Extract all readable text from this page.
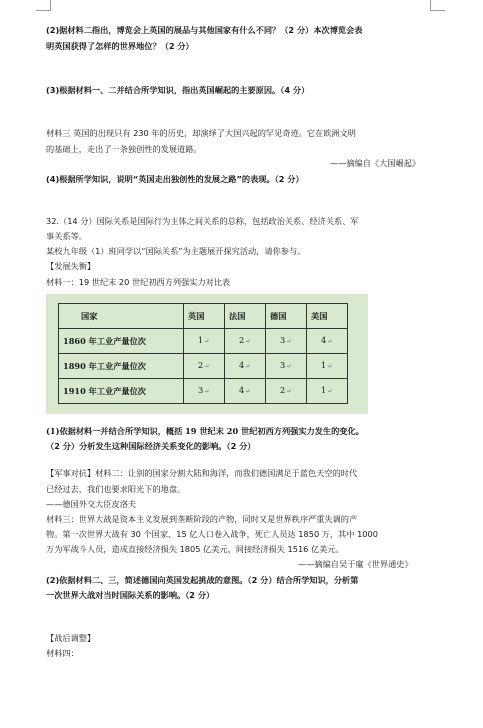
(2)据材料二指出，博览会上英国的展品与其他国家有什么不同？（2 分）本次博览会表
明英国获得了怎样的世界地位？（2 分）
(3)根据材料一、二并结合所学知识，指出英国崛起的主要原因。（4 分）
材料三 英国的出现只有 230 年的历史，却演绎了大国兴起的罕见奇迹。它在欧洲文明
的基础上，走出了一条独创性的发展道路。
——摘编自《大国崛起》
(4)根据所学知识，说明“英国走出独创性的发展之路”的表现。（2 分）
32.（14 分）国际关系是国际行为主体之间关系的总称，包括政治关系、经济关系、军
事关系等。
某校九年级（1）班同学以“国际关系”为主题展开探究活动，请你参与。
【发展失衡】
材料一：19 世纪末 20 世纪初西方列强实力对比表
国家	英国	法国	德国	美国
1860 年工业产量位次	1↵	2↵	3↵	4↵
1890 年工业产量位次	2↵	4↵	3↵	1↵
1910 年工业产量位次	3↵	4↵	2↵	1↵
(1)依据材料一并结合所学知识，概括 19 世纪末 20 世纪初西方列强实力发生的变化。
（2 分）分析发生这种国际经济关系变化的影响。（2 分）
【军事对抗】材料二：让别的国家分割大陆和海洋，而我们德国满足于蓝色天空的时代
已经过去，我们也要求阳光下的地盘。
——德国外交大臣皮洛夫
材料三：世界大战是资本主义发展到垄断阶段的产物，同时又是世界秩序严重失调的产
物。第一次世界大战有 30 个国家、15 亿人口卷入战争，死亡人员达 1850 万，其中 1000
万为军战斗人员，造成直接经济损失 1805 亿美元，间接经济损失 1516 亿美元。
——摘编自吴于廑《世界通史》
(2)依据材料二、三，简述德国向英国发起挑战的意图。（2 分）结合所学知识，分析第
一次世界大战对当时国际关系的影响。（2 分）
【战后调整】
材料四：
